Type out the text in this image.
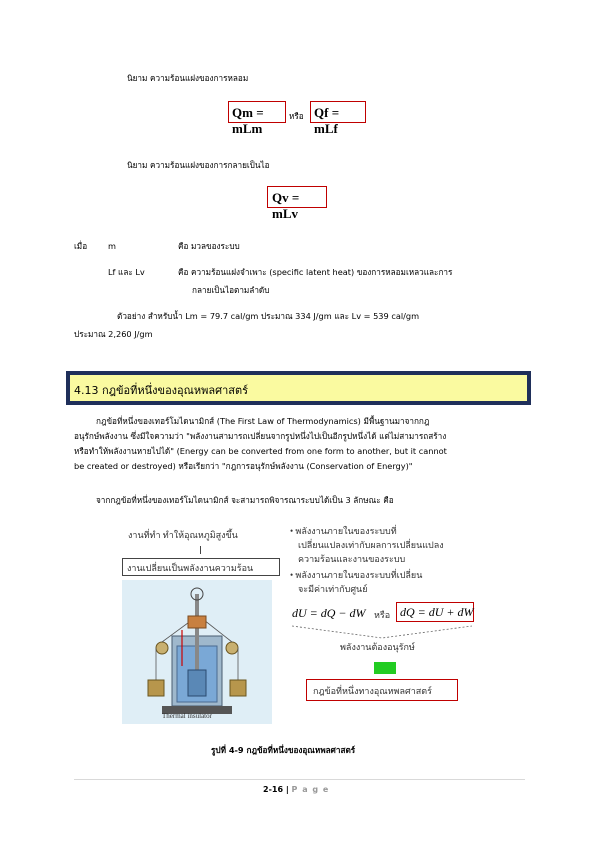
นิยาม ความร้อนแฝงของการหลอม
Qm = mLm
หรือ Qf = mLf
นิยาม ความร้อนแฝงของการกลายเป็นไอ
Qv = mLv
เมื่อ	m	คือ มวลของระบบ
Lf และ Lv	คือ ความร้อนแฝงจำเพาะ (specific latent heat) ของการหลอมเหลวและการ
กลายเป็นไอตามลำดับ
ตัวอย่าง สำหรับน้ำ Lm = 79.7 cal/gm ประมาณ 334 J/gm และ Lv = 539 cal/gm
ประมาณ 2,260 J/gm
4.13 กฎข้อที่หนึ่งของอุณหพลศาสตร์
กฎข้อที่หนึ่งของเทอร์โมไดนามิกส์ (The First Law of Thermodynamics) มีพื้นฐานมาจากกฎ
อนุรักษ์พลังงาน ซึ่งมีใจความว่า "พลังงานสามารถเปลี่ยนจากรูปหนึ่งไปเป็นอีกรูปหนึ่งได้ แต่ไม่สามารถสร้าง
หรือทำให้พลังงานหายไปได้" (Energy can be converted from one form to another, but it cannot
be created or destroyed) หรือเรียกว่า "กฎการอนุรักษ์พลังงาน (Conservation of Energy)"
จากกฎข้อที่หนึ่งของเทอร์โมไดนามิกส์ จะสามารถพิจารณาระบบได้เป็น 3 ลักษณะ คือ
งานที่ทำ ทำให้อุณหภูมิสูงขึ้น
งานเปลี่ยนเป็นพลังงานความร้อน
Thermal insulator
• พลังงานภายในของระบบที่
เปลี่ยนแปลงเท่ากับผลการเปลี่ยนแปลง
ความร้อนและงานของระบบ
• พลังงานภายในของระบบที่เปลี่ยน
จะมีค่าเท่ากับศูนย์
dU = dQ − dW หรือ dQ = dU + dW
พลังงานต้องอนุรักษ์
กฎข้อที่หนึ่งทางอุณหพลศาสตร์
รูปที่ 4-9 กฎข้อที่หนึ่งของอุณหพลศาสตร์
2-16 | P a g e
